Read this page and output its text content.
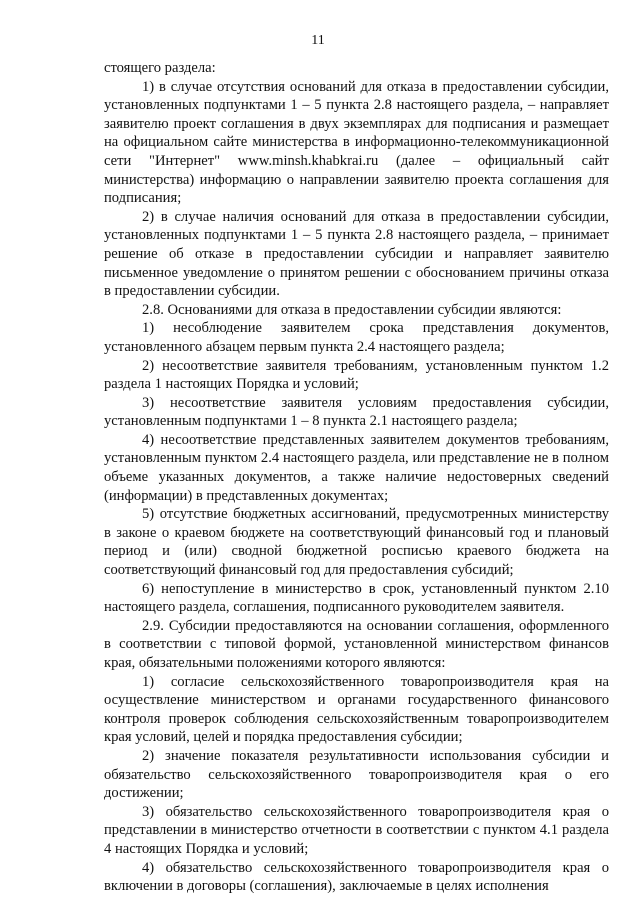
11

стоящего раздела:

1) в случае отсутствия оснований для отказа в предоставлении субсидии, установленных подпунктами 1 – 5 пункта 2.8 настоящего раздела, – направляет заявителю проект соглашения в двух экземплярах для подписания и размещает на официальном сайте министерства в информационно-телекоммуникационной сети "Интернет" www.minsh.khabkrai.ru (далее – официальный сайт министерства) информацию о направлении заявителю проекта соглашения для подписания;

2) в случае наличия оснований для отказа в предоставлении субсидии, установленных подпунктами 1 – 5 пункта 2.8 настоящего раздела, – принимает решение об отказе в предоставлении субсидии и направляет заявителю письменное уведомление о принятом решении с обоснованием причины отказа в предоставлении субсидии.

2.8. Основаниями для отказа в предоставлении субсидии являются:

1) несоблюдение заявителем срока представления документов, установленного абзацем первым пункта 2.4 настоящего раздела;

2) несоответствие заявителя требованиям, установленным пунктом 1.2 раздела 1 настоящих Порядка и условий;

3) несоответствие заявителя условиям предоставления субсидии, установленным подпунктами 1 – 8 пункта 2.1 настоящего раздела;

4) несоответствие представленных заявителем документов требованиям, установленным пунктом 2.4 настоящего раздела, или представление не в полном объеме указанных документов, а также наличие недостоверных сведений (информации) в представленных документах;

5) отсутствие бюджетных ассигнований, предусмотренных министерству в законе о краевом бюджете на соответствующий финансовый год и плановый период и (или) сводной бюджетной росписью краевого бюджета на соответствующий финансовый год для предоставления субсидий;

6) непоступление в министерство в срок, установленный пунктом 2.10 настоящего раздела, соглашения, подписанного руководителем заявителя.

2.9. Субсидии предоставляются на основании соглашения, оформленного в соответствии с типовой формой, установленной министерством финансов края, обязательными положениями которого являются:

1) согласие сельскохозяйственного товаропроизводителя края на осуществление министерством и органами государственного финансового контроля проверок соблюдения сельскохозяйственным товаропроизводителем края условий, целей и порядка предоставления субсидии;

2) значение показателя результативности использования субсидии и обязательство сельскохозяйственного товаропроизводителя края о его достижении;

3) обязательство сельскохозяйственного товаропроизводителя края о представлении в министерство отчетности в соответствии с пунктом 4.1 раздела 4 настоящих Порядка и условий;

4) обязательство сельскохозяйственного товаропроизводителя края о включении в договоры (соглашения), заключаемые в целях исполнения
